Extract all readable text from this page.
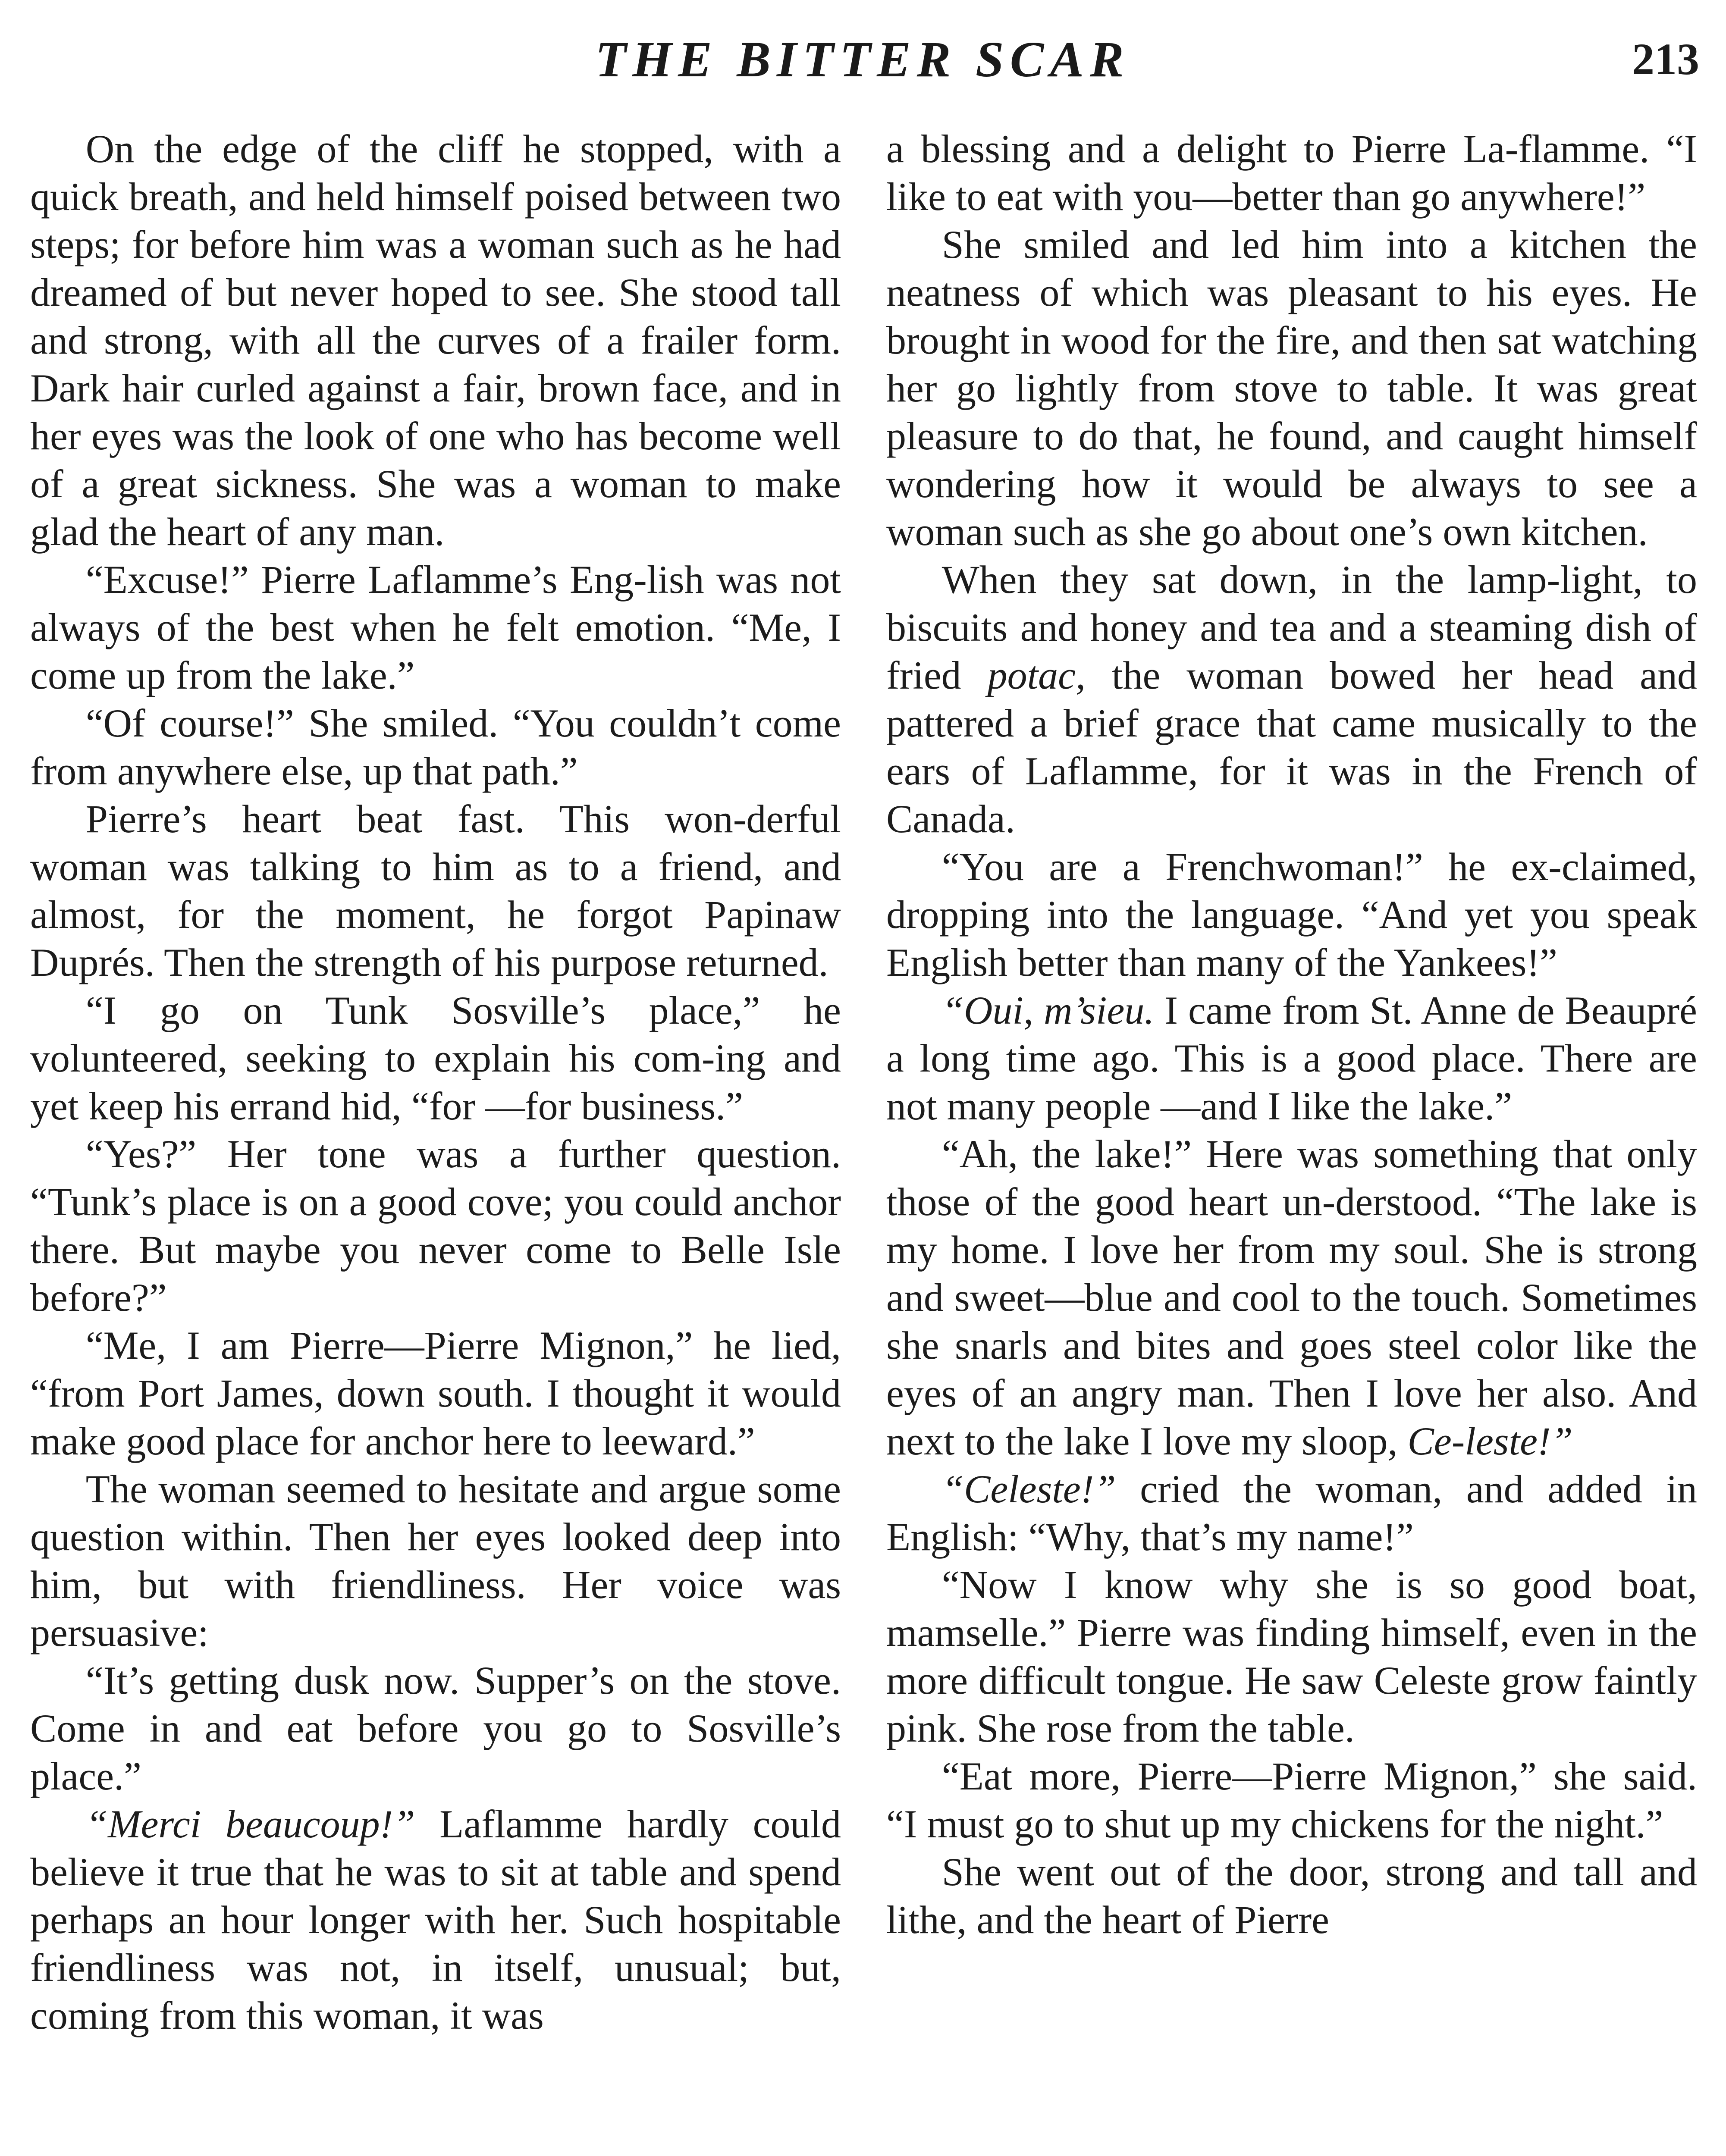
THE BITTER SCAR	213

On the edge of the cliff he stopped, with a quick breath, and held himself poised between two steps; for before him was a woman such as he had dreamed of but never hoped to see. She stood tall and strong, with all the curves of a frailer form. Dark hair curled against a fair, brown face, and in her eyes was the look of one who has become well of a great sickness. She was a woman to make glad the heart of any man.

“Excuse!” Pierre Laflamme’s Eng-lish was not always of the best when he felt emotion. “Me, I come up from the lake.”

“Of course!” She smiled. “You couldn’t come from anywhere else, up that path.”

Pierre’s heart beat fast. This won-derful woman was talking to him as to a friend, and almost, for the moment, he forgot Papinaw Duprés. Then the strength of his purpose returned.

“I go on Tunk Sosville’s place,” he volunteered, seeking to explain his com-ing and yet keep his errand hid, “for —for business.”

“Yes?” Her tone was a further question. “Tunk’s place is on a good cove; you could anchor there. But maybe you never come to Belle Isle before?”

“Me, I am Pierre—Pierre Mignon,” he lied, “from Port James, down south. I thought it would make good place for anchor here to leeward.”

The woman seemed to hesitate and argue some question within. Then her eyes looked deep into him, but with friendliness. Her voice was persuasive:

“It’s getting dusk now. Supper’s on the stove. Come in and eat before you go to Sosville’s place.”

“Merci beaucoup!” Laflamme hardly could believe it true that he was to sit at table and spend perhaps an hour longer with her. Such hospitable friendliness was not, in itself, unusual; but, coming from this woman, it was

a blessing and a delight to Pierre La-flamme. “I like to eat with you—better than go anywhere!”

She smiled and led him into a kitchen the neatness of which was pleasant to his eyes. He brought in wood for the fire, and then sat watching her go lightly from stove to table. It was great pleasure to do that, he found, and caught himself wondering how it would be always to see a woman such as she go about one’s own kitchen.

When they sat down, in the lamp-light, to biscuits and honey and tea and a steaming dish of fried potac, the woman bowed her head and pattered a brief grace that came musically to the ears of Laflamme, for it was in the French of Canada.

“You are a Frenchwoman!” he ex-claimed, dropping into the language. “And yet you speak English better than many of the Yankees!”

“Oui, m’sieu. I came from St. Anne de Beaupré a long time ago. This is a good place. There are not many people —and I like the lake.”

“Ah, the lake!” Here was something that only those of the good heart un-derstood. “The lake is my home. I love her from my soul. She is strong and sweet—blue and cool to the touch. Sometimes she snarls and bites and goes steel color like the eyes of an angry man. Then I love her also. And next to the lake I love my sloop, Ce-leste!”

“Celeste!” cried the woman, and added in English: “Why, that’s my name!”

“Now I know why she is so good boat, mamselle.” Pierre was finding himself, even in the more difficult tongue. He saw Celeste grow faintly pink. She rose from the table.

“Eat more, Pierre—Pierre Mignon,” she said. “I must go to shut up my chickens for the night.”

She went out of the door, strong and tall and lithe, and the heart of Pierre
